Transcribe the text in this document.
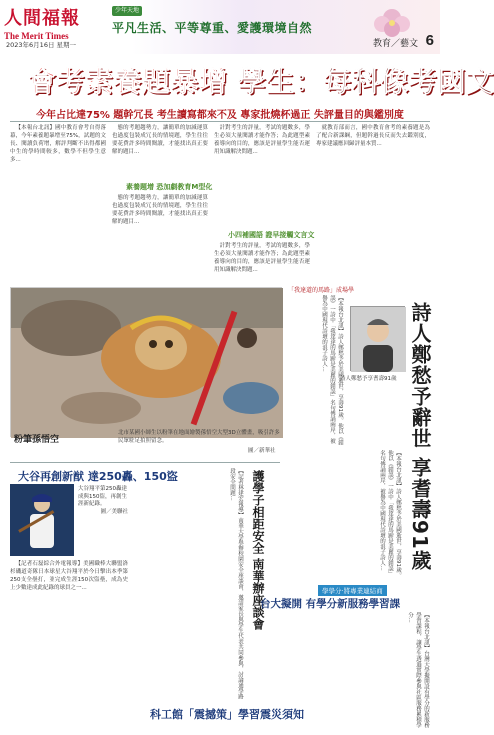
人間福報
The Merit Times
2023年6月16日 星期一
少年天地
平凡生活、平等尊重、愛護環境自然
教育／藝文 6
會考素養題暴增 學生：每科像考國文
今年占比達75% 題幹冗長 考生讀寫都來不及 專家批燒杯過正 失評量目的與鑑別度

【本報台北訊】國中教育會考自得落幕，今年素養題暴增至75%，試題的文長、閱讀負荷增，解評判斷不出得都國中生的學時間較多，數學不但學生意多...

態的考題趨勢力，讓簡單的加減運算也過度包裝成冗長的情境題，學生往往要花費許多時間閱讀，才能找出真正要解的題目...

素養題增 恐加劇教育M型化

態的考題趨勢力，讓簡單的加減運算也過度包裝成冗長的情境題，學生往往要花費許多時間閱讀，才能找出真正要解的題目...

計對考生的評量，考試的題數多，學生必須大量閱讀才能作答；為此題型素養導向的目的，應該是評量學生能否運用知識解決問題...

小四補國語 證早接觸文言文

計對考生的評量，考試的題數多，學生必須大量閱讀才能作答；為此題型素養導向的目的，應該是評量學生能否運用知識解決問題...

就教育部而言，國中教育會考的素養題是為了配合新課綱，但題幹過長反而失去鑑別度，專家建議應回歸評量本質...

粉筆孫悟空
北市某國小師生以粉筆在地面繪製孫悟空大型3D立體畫，吸引許多民眾駐足拍照留念。
圖／新華社
「我達道的馬路」成場學
詩人鄭愁予享耆壽91歲 詩人鄭愁予辭世 享耆壽91歲
【本報台北訊】詩人鄭愁予於美國逝世，享壽91歲。他以《錯誤》一詩中「我達達的馬蹄是美麗的錯誤」名句傳誦兩岸，被譽為中國現代詩壇的浪子詩人...
【本報台北訊】詩人鄭愁予於美國逝世，享壽91歲。他以《錯誤》一詩中「我達達的馬蹄是美麗的錯誤」名句傳誦兩岸，被譽為中國現代詩壇的浪子詩人...
大谷再創新猷 達250轟、150盜
大谷翔平第250轟達成與150盜，再創生涯新紀錄。
圖／美聯社

【記者石磊綜合外電報導】美國職棒大聯盟洛杉磯道奇隊日本球星大谷翔平於今日擊出本季第250支全壘打，並完成生涯150次盜壘，成為史上少數達成此紀錄的球員之一...	護學子相距安全 南華辦座談會
【記者林建宏報導】南華大學舉辦校園安全座談會，邀請家長與學生代表共同參與，討論通學路段安全問題...
學學分·將專業連結商
台大擬開 有學分新服務學習課
【本報台北訊】台灣大學擬開設有學分的新服務學習課程，讓學生透過實際參與社區服務累積學分...
科工館「震撼策」學習震災須知
